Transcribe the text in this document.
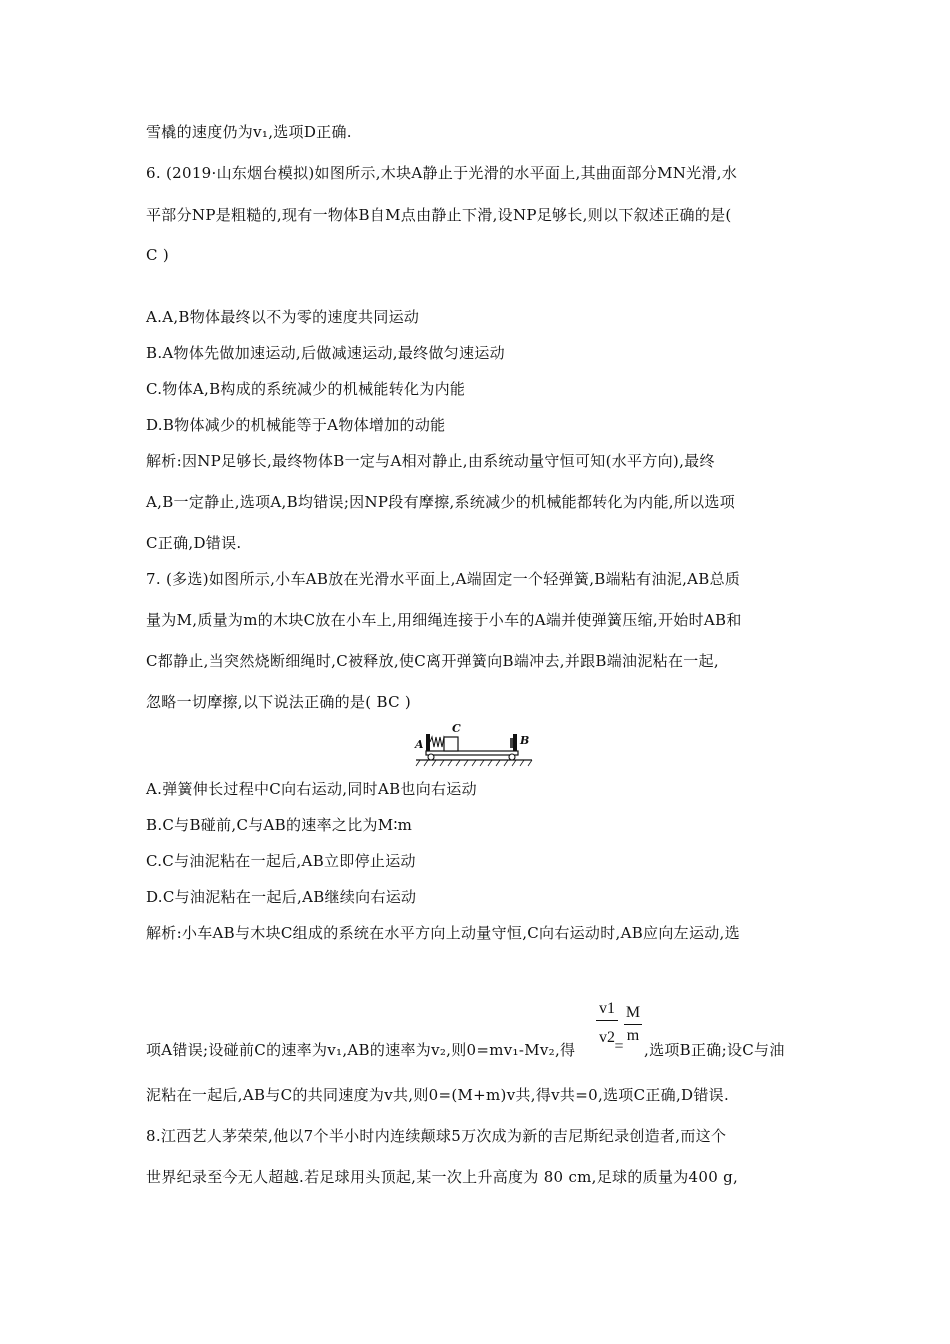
雪橇的速度仍为v₁,选项D正确.
6. (2019·山东烟台模拟)如图所示,木块A静止于光滑的水平面上,其曲面部分MN光滑,水
平部分NP是粗糙的,现有一物体B自M点由静止下滑,设NP足够长,则以下叙述正确的是(
C )
A.A,B物体最终以不为零的速度共同运动
B.A物体先做加速运动,后做减速运动,最终做匀速运动
C.物体A,B构成的系统减少的机械能转化为内能
D.B物体减少的机械能等于A物体增加的动能
解析:因NP足够长,最终物体B一定与A相对静止,由系统动量守恒可知(水平方向),最终
A,B一定静止,选项A,B均错误;因NP段有摩擦,系统减少的机械能都转化为内能,所以选项
C正确,D错误.
7. (多选)如图所示,小车AB放在光滑水平面上,A端固定一个轻弹簧,B端粘有油泥,AB总质
量为M,质量为m的木块C放在小车上,用细绳连接于小车的A端并使弹簧压缩,开始时AB和
C都静止,当突然烧断细绳时,C被释放,使C离开弹簧向B端冲去,并跟B端油泥粘在一起,
忽略一切摩擦,以下说法正确的是( BC )
A
C
B
A.弹簧伸长过程中C向右运动,同时AB也向右运动
B.C与B碰前,C与AB的速率之比为M∶m
C.C与油泥粘在一起后,AB立即停止运动
D.C与油泥粘在一起后,AB继续向右运动
解析:小车AB与木块C组成的系统在水平方向上动量守恒,C向右运动时,AB应向左运动,选
项A错误;设碰前C的速率为v₁,AB的速率为v₂,则0=mv₁-Mv₂,得
v1
v2
=
M
m
,选项B正确;设C与油
泥粘在一起后,AB与C的共同速度为v共,则0=(M+m)v共,得v共=0,选项C正确,D错误.
8.江西艺人茅荣荣,他以7个半小时内连续颠球5万次成为新的吉尼斯纪录创造者,而这个
世界纪录至今无人超越.若足球用头顶起,某一次上升高度为 80 cm,足球的质量为400 g,
